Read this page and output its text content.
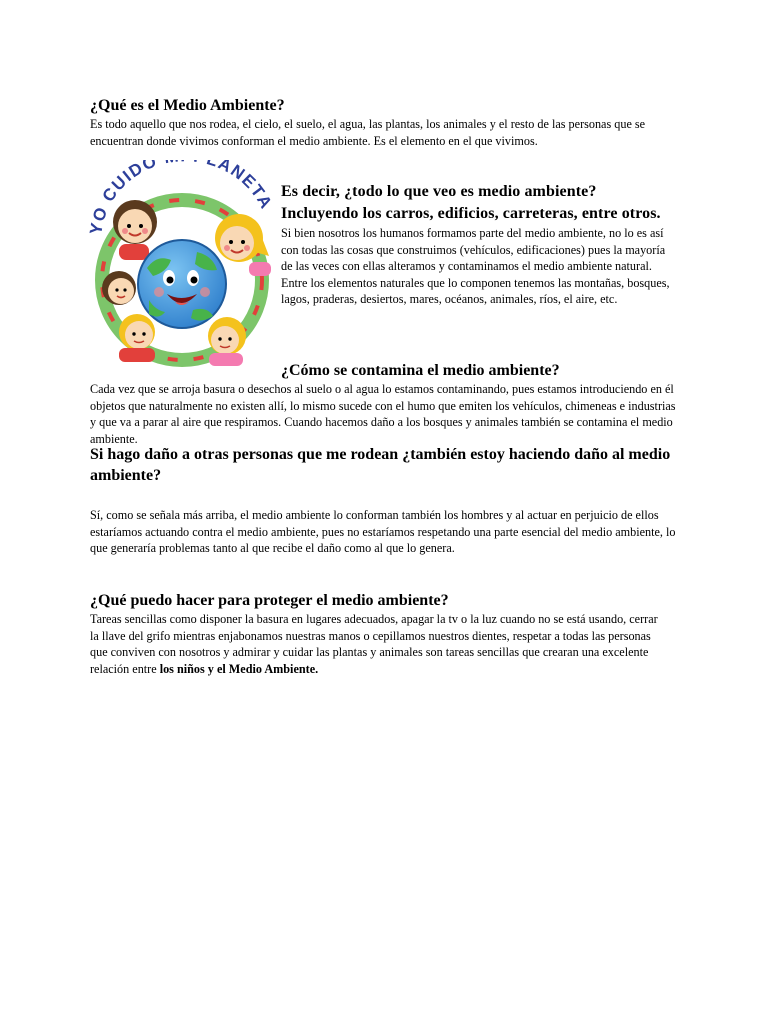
¿Qué es el Medio Ambiente?

Es todo aquello que nos rodea, el cielo, el suelo, el agua, las plantas, los animales y el resto de las personas que se encuentran donde vivimos conforman el medio ambiente. Es el elemento en el que vivimos.

O CUIDO LANETA
Es decir, ¿todo lo que veo es medio ambiente? Incluyendo los carros, edificios, carreteras, entre otros.

Si bien nosotros los humanos formamos parte del medio ambiente, no lo es así con todas las cosas que construimos (vehículos, edificaciones) pues la mayoría de las veces con ellas alteramos y contaminamos el medio ambiente natural. Entre los elementos naturales que lo componen tenemos las montañas, bosques, lagos, praderas, desiertos, mares, océanos, animales, ríos, el aire, etc.

¿Cómo se contamina el medio ambiente?

Cada vez que se arroja basura o desechos al suelo o al agua lo estamos contaminando, pues estamos introduciendo en él objetos que naturalmente no existen allí, lo mismo sucede con el humo que emiten los vehículos, chimeneas e industrias y que va a parar al aire que respiramos. Cuando hacemos daño a los bosques y animales también se contamina el medio ambiente.

Si hago daño a otras personas que me rodean ¿también estoy haciendo daño al medio ambiente?

Sí, como se señala más arriba, el medio ambiente lo conforman también los hombres y al actuar en perjuicio de ellos estaríamos actuando contra el medio ambiente, pues no estaríamos respetando una parte esencial del medio ambiente, lo que generaría problemas tanto al que recibe el daño como al que lo genera.

¿Qué puedo hacer para proteger el medio ambiente?

Tareas sencillas como disponer la basura en lugares adecuados, apagar la tv o la luz cuando no se está usando, cerrar la llave del grifo mientras enjabonamos nuestras manos o cepillamos nuestros dientes, respetar a todas las personas que conviven con nosotros y admirar y cuidar las plantas y animales son tareas sencillas que crearan una excelente relación entre los niños y el Medio Ambiente.
